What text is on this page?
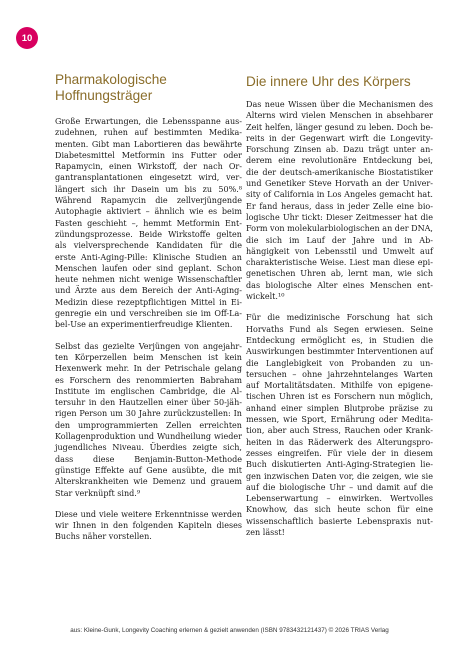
10
Pharmakologische Hoffnungsträger

Große Erwartungen, die Lebensspanne auszudehnen, ruhen auf bestimmten Medikamenten. Gibt man Labortieren das bewährte Diabetesmittel Metformin ins Futter oder Rapamycin, einen Wirkstoff, der nach Organtransplantationen eingesetzt wird, verlängert sich ihr Dasein um bis zu 50%.⁸ Während Rapamycin die zellverjüngende Autophagie aktiviert – ähnlich wie es beim Fasten geschieht –, hemmt Metformin Entzündungsprozesse. Beide Wirkstoffe gelten als vielversprechende Kandidaten für die erste Anti-Aging-Pille: Klinische Studien an Menschen laufen oder sind geplant. Schon heute nehmen nicht wenige Wissenschaftler und Ärzte aus dem Bereich der Anti-Aging-Medizin diese rezeptpflichtigen Mittel in Eigenregie ein und verschreiben sie im Off-Label-Use an experimentierfreudige Klienten.

Selbst das gezielte Verjüngen von angejahrten Körperzellen beim Menschen ist kein Hexenwerk mehr. In der Petrischale gelang es Forschern des renommierten Babraham Institute im englischen Cambridge, die Altersuhr in den Hautzellen einer über 50-jährigen Person um 30 Jahre zurückzustellen: In den umprogrammierten Zellen erreichten Kollagenproduktion und Wundheilung wieder jugendliches Niveau. Überdies zeigte sich, dass diese Benjamin-Button-Methode günstige Effekte auf Gene ausübte, die mit Alterskrankheiten wie Demenz und grauem Star verknüpft sind.⁹

Diese und viele weitere Erkenntnisse werden wir Ihnen in den folgenden Kapiteln dieses Buchs näher vorstellen.

Die innere Uhr des Körpers

Das neue Wissen über die Mechanismen des Alterns wird vielen Menschen in absehbarer Zeit helfen, länger gesund zu leben. Doch bereits in der Gegenwart wirft die Longevity-Forschung Zinsen ab. Dazu trägt unter anderem eine revolutionäre Entdeckung bei, die der deutsch-amerikanische Biostatistiker und Genetiker Steve Horvath an der University of California in Los Angeles gemacht hat. Er fand heraus, dass in jeder Zelle eine biologische Uhr tickt: Dieser Zeitmesser hat die Form von molekularbiologischen an der DNA, die sich im Lauf der Jahre und in Abhängigkeit von Lebensstil und Umwelt auf charakteristische Weise. Liest man diese epigenetischen Uhren ab, lernt man, wie sich das biologische Alter eines Menschen entwickelt.¹⁰

Für die medizinische Forschung hat sich Horvaths Fund als Segen erwiesen. Seine Entdeckung ermöglicht es, in Studien die Auswirkungen bestimmter Interventionen auf die Langlebigkeit von Probanden zu untersuchen – ohne jahrzehntelanges Warten auf Mortalitätsdaten. Mithilfe von epigenetischen Uhren ist es Forschern nun möglich, anhand einer simplen Blutprobe präzise zu messen, wie Sport, Ernährung oder Meditation, aber auch Stress, Rauchen oder Krankheiten in das Räderwerk des Alterungsprozesses eingreifen. Für viele der in diesem Buch diskutierten Anti-Aging-Strategien liegen inzwischen Daten vor, die zeigen, wie sie auf die biologische Uhr – und damit auf die Lebenserwartung – einwirken. Wertvolles Knowhow, das sich heute schon für eine wissenschaftlich basierte Lebenspraxis nutzen lässt!

aus: Kleine-Gunk, Longevity Coaching erlernen & gezielt anwenden (ISBN 9783432121437) © 2026 TRIAS Verlag
